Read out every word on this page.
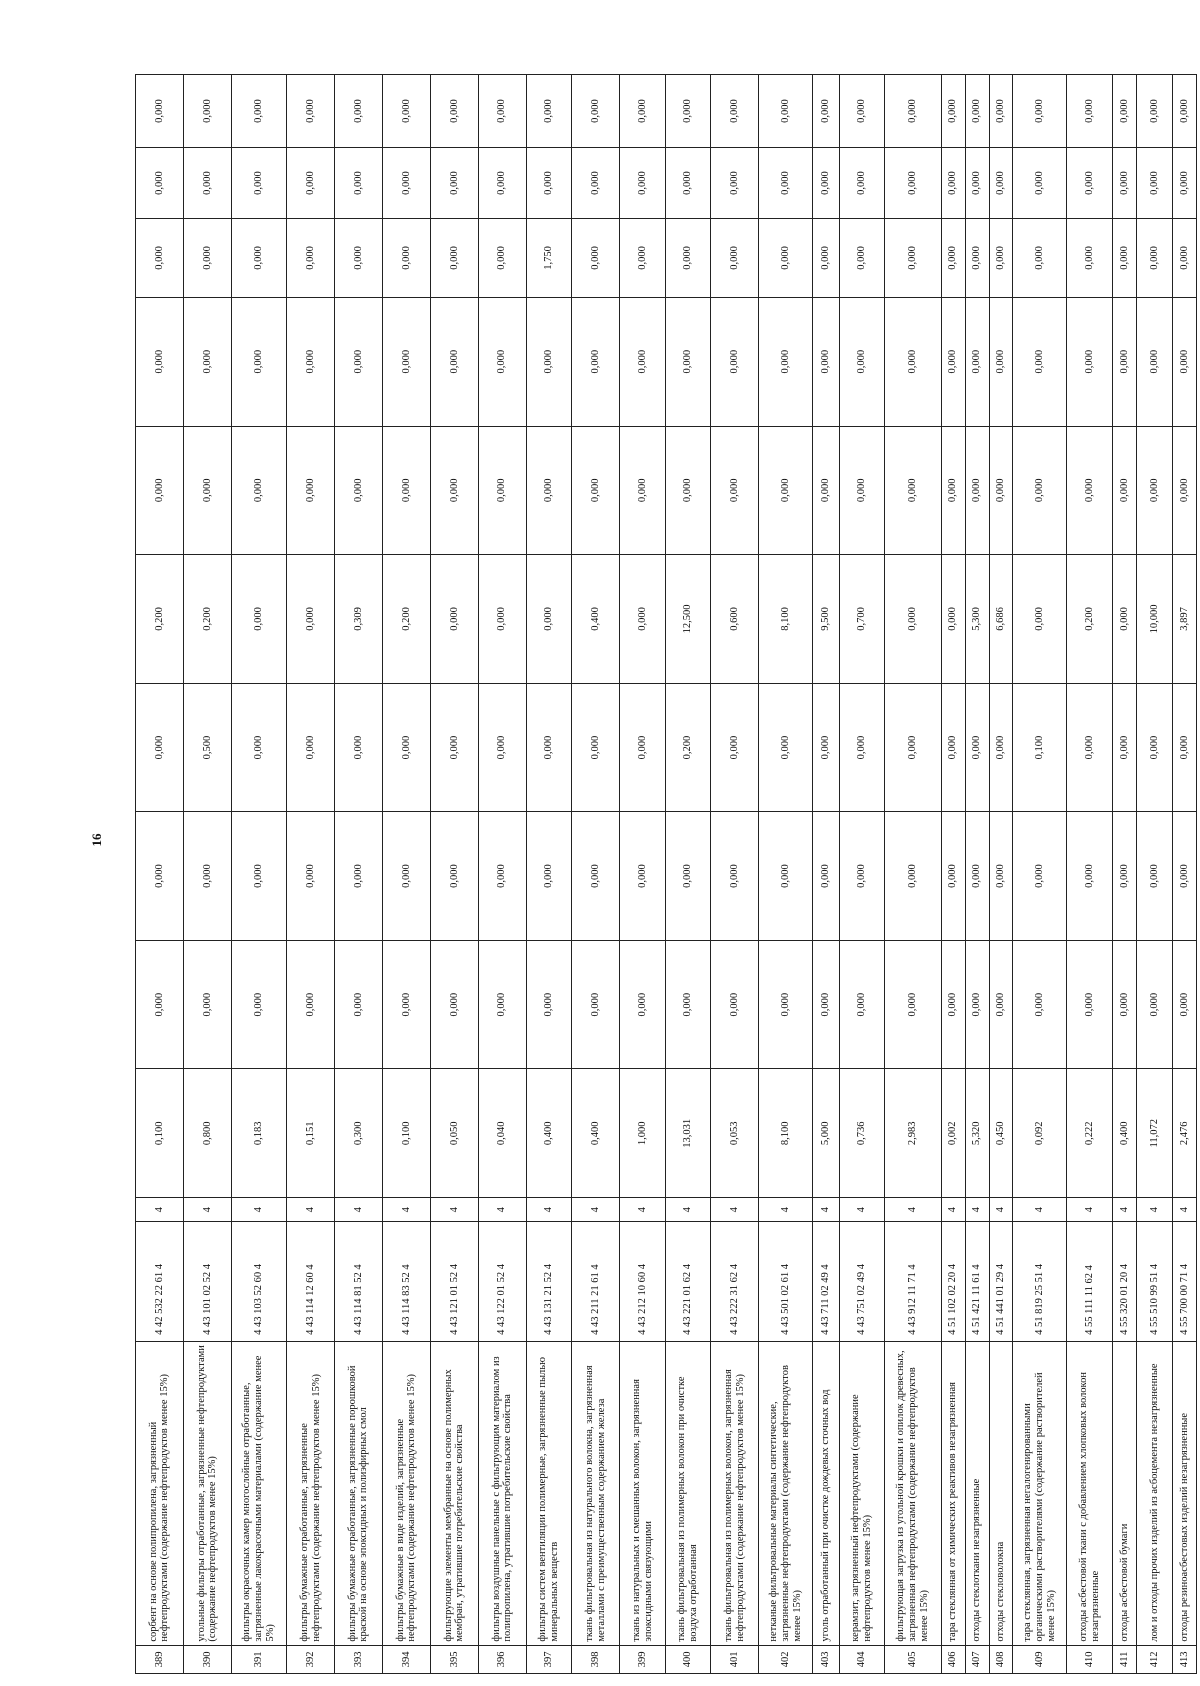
16
389	сорбент на основе полипропилена, загрязненный нефтепродуктами (содержание нефтепродуктов менее 15%)	4 42 532 22 61 4	4	0,100	0,000	0,000	0,000	0,200	0,000	0,000	0,000	0,000	0,000
390	угольные фильтры отработанные, загрязненные нефтепродуктами (содержание нефтепродуктов менее 15%)	4 43 101 02 52 4	4	0,800	0,000	0,000	0,500	0,200	0,000	0,000	0,000	0,000	0,000
391	фильтры окрасочных камер многослойные отработанные, загрязненные лакокрасочными материалами (содержание менее 5%)	4 43 103 52 60 4	4	0,183	0,000	0,000	0,000	0,000	0,000	0,000	0,000	0,000	0,000
392	фильтры бумажные отработанные, загрязненные нефтепродуктами (содержание нефтепродуктов менее 15%)	4 43 114 12 60 4	4	0,151	0,000	0,000	0,000	0,000	0,000	0,000	0,000	0,000	0,000
393	фильтры бумажные отработанные, загрязненные порошковой краской на основе эпоксидных и полиэфирных смол	4 43 114 81 52 4	4	0,300	0,000	0,000	0,000	0,309	0,000	0,000	0,000	0,000	0,000
394	фильтры бумажные в виде изделий, загрязненные нефтепродуктами (содержание нефтепродуктов менее 15%)	4 43 114 83 52 4	4	0,100	0,000	0,000	0,000	0,200	0,000	0,000	0,000	0,000	0,000
395	фильтрующие элементы мембранные на основе полимерных мембран, утратившие потребительские свойства	4 43 121 01 52 4	4	0,050	0,000	0,000	0,000	0,000	0,000	0,000	0,000	0,000	0,000
396	фильтры воздушные панельные с фильтрующим материалом из полипропилена, утратившие потребительские свойства	4 43 122 01 52 4	4	0,040	0,000	0,000	0,000	0,000	0,000	0,000	0,000	0,000	0,000
397	фильтры систем вентиляции полимерные, загрязненные пылью минеральных веществ	4 43 131 21 52 4	4	0,400	0,000	0,000	0,000	0,000	0,000	0,000	1,750	0,000	0,000
398	ткань фильтровальная из натурального волокна, загрязненная металлами с преимущественным содержанием железа	4 43 211 21 61 4	4	0,400	0,000	0,000	0,000	0,400	0,000	0,000	0,000	0,000	0,000
399	ткань из натуральных и смешанных волокон, загрязненная эпоксидными связующими	4 43 212 10 60 4	4	1,000	0,000	0,000	0,000	0,000	0,000	0,000	0,000	0,000	0,000
400	ткань фильтровальная из полимерных волокон при очистке воздуха отработанная	4 43 221 01 62 4	4	13,031	0,000	0,000	0,200	12,500	0,000	0,000	0,000	0,000	0,000
401	ткань фильтровальная из полимерных волокон, загрязненная нефтепродуктами (содержание нефтепродуктов менее 15%)	4 43 222 31 62 4	4	0,053	0,000	0,000	0,000	0,600	0,000	0,000	0,000	0,000	0,000
402	нетканые фильтровальные материалы синтетические, загрязненные нефтепродуктами (содержание нефтепродуктов менее 15%)	4 43 501 02 61 4	4	8,100	0,000	0,000	0,000	8,100	0,000	0,000	0,000	0,000	0,000
403	уголь отработанный при очистке дождевых сточных вод	4 43 711 02 49 4	4	5,000	0,000	0,000	0,000	9,500	0,000	0,000	0,000	0,000	0,000
404	керамзит, загрязненный нефтепродуктами (содержание нефтепродуктов менее 15%)	4 43 751 02 49 4	4	0,736	0,000	0,000	0,000	0,700	0,000	0,000	0,000	0,000	0,000
405	фильтрующая загрузка из угольной крошки и опилок древесных, загрязненная нефтепродуктами (содержание нефтепродуктов менее 15%)	4 43 912 11 71 4	4	2,983	0,000	0,000	0,000	0,000	0,000	0,000	0,000	0,000	0,000
406	тара стеклянная от химических реактивов незагрязненная	4 51 102 02 20 4	4	0,002	0,000	0,000	0,000	0,000	0,000	0,000	0,000	0,000	0,000
407	отходы стеклоткани незагрязненные	4 51 421 11 61 4	4	5,320	0,000	0,000	0,000	5,300	0,000	0,000	0,000	0,000	0,000
408	отходы стекловолокна	4 51 441 01 29 4	4	0,450	0,000	0,000	0,000	6,686	0,000	0,000	0,000	0,000	0,000
409	тара стеклянная, загрязненная негалогенированными органическими растворителями (содержание растворителей менее 15%)	4 51 819 25 51 4	4	0,092	0,000	0,000	0,100	0,000	0,000	0,000	0,000	0,000	0,000
410	отходы асбестовой ткани с добавлением хлопковых волокон незагрязненные	4 55 111 11 62 4	4	0,222	0,000	0,000	0,000	0,200	0,000	0,000	0,000	0,000	0,000
411	отходы асбестовой бумаги	4 55 320 01 20 4	4	0,400	0,000	0,000	0,000	0,000	0,000	0,000	0,000	0,000	0,000
412	лом и отходы прочих изделий из асбоцемента незагрязненные	4 55 510 99 51 4	4	11,072	0,000	0,000	0,000	10,000	0,000	0,000	0,000	0,000	0,000
413	отходы резиноасбестовых изделий незагрязненные	4 55 700 00 71 4	4	2,476	0,000	0,000	0,000	3,897	0,000	0,000	0,000	0,000	0,000
